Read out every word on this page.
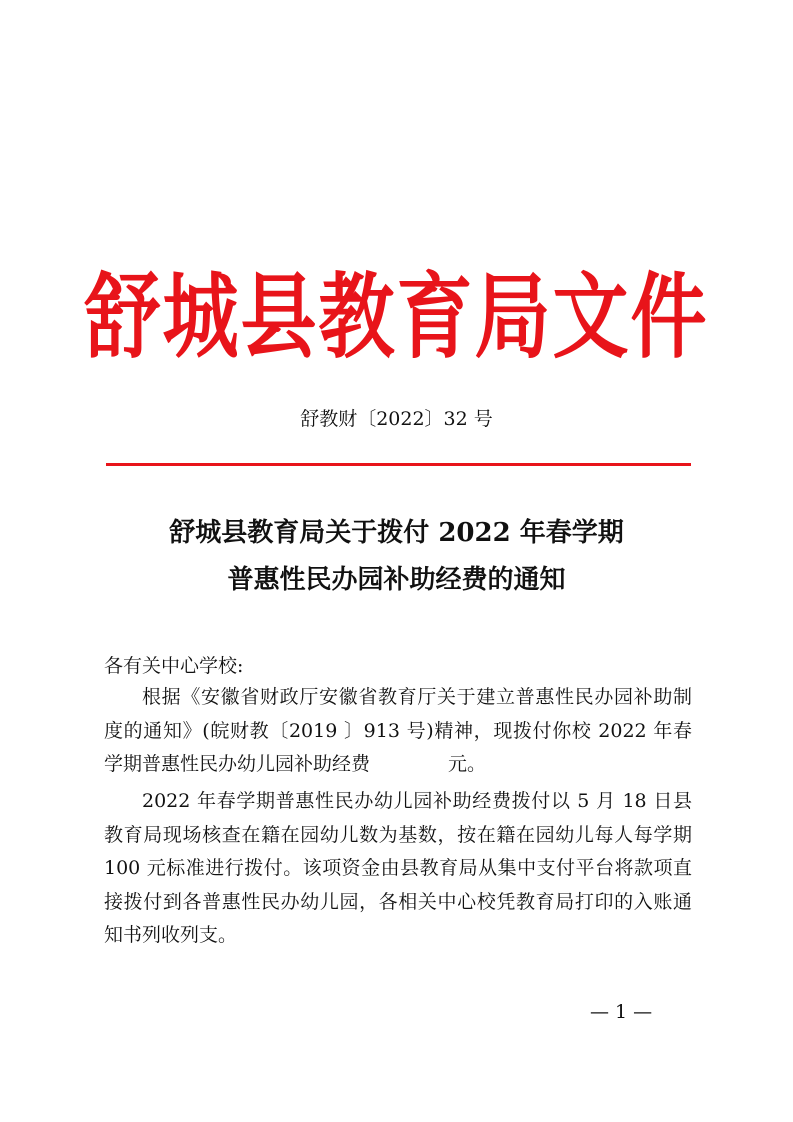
舒城县教育局文件
舒教财〔2022〕32 号
舒城县教育局关于拨付 2022 年春学期
普惠性民办园补助经费的通知
各有关中心学校:
根据《安徽省财政厅安徽省教育厅关于建立普惠性民办园补助制度的通知》(皖财教〔2019 〕913 号)精神，现拨付你校 2022 年春学期普惠性民办幼儿园补助经费	元。
2022 年春学期普惠性民办幼儿园补助经费拨付以 5 月 18 日县教育局现场核查在籍在园幼儿数为基数，按在籍在园幼儿每人每学期 100 元标准进行拨付。该项资金由县教育局从集中支付平台将款项直接拨付到各普惠性民办幼儿园，各相关中心校凭教育局打印的入账通知书列收列支。
— 1 —
